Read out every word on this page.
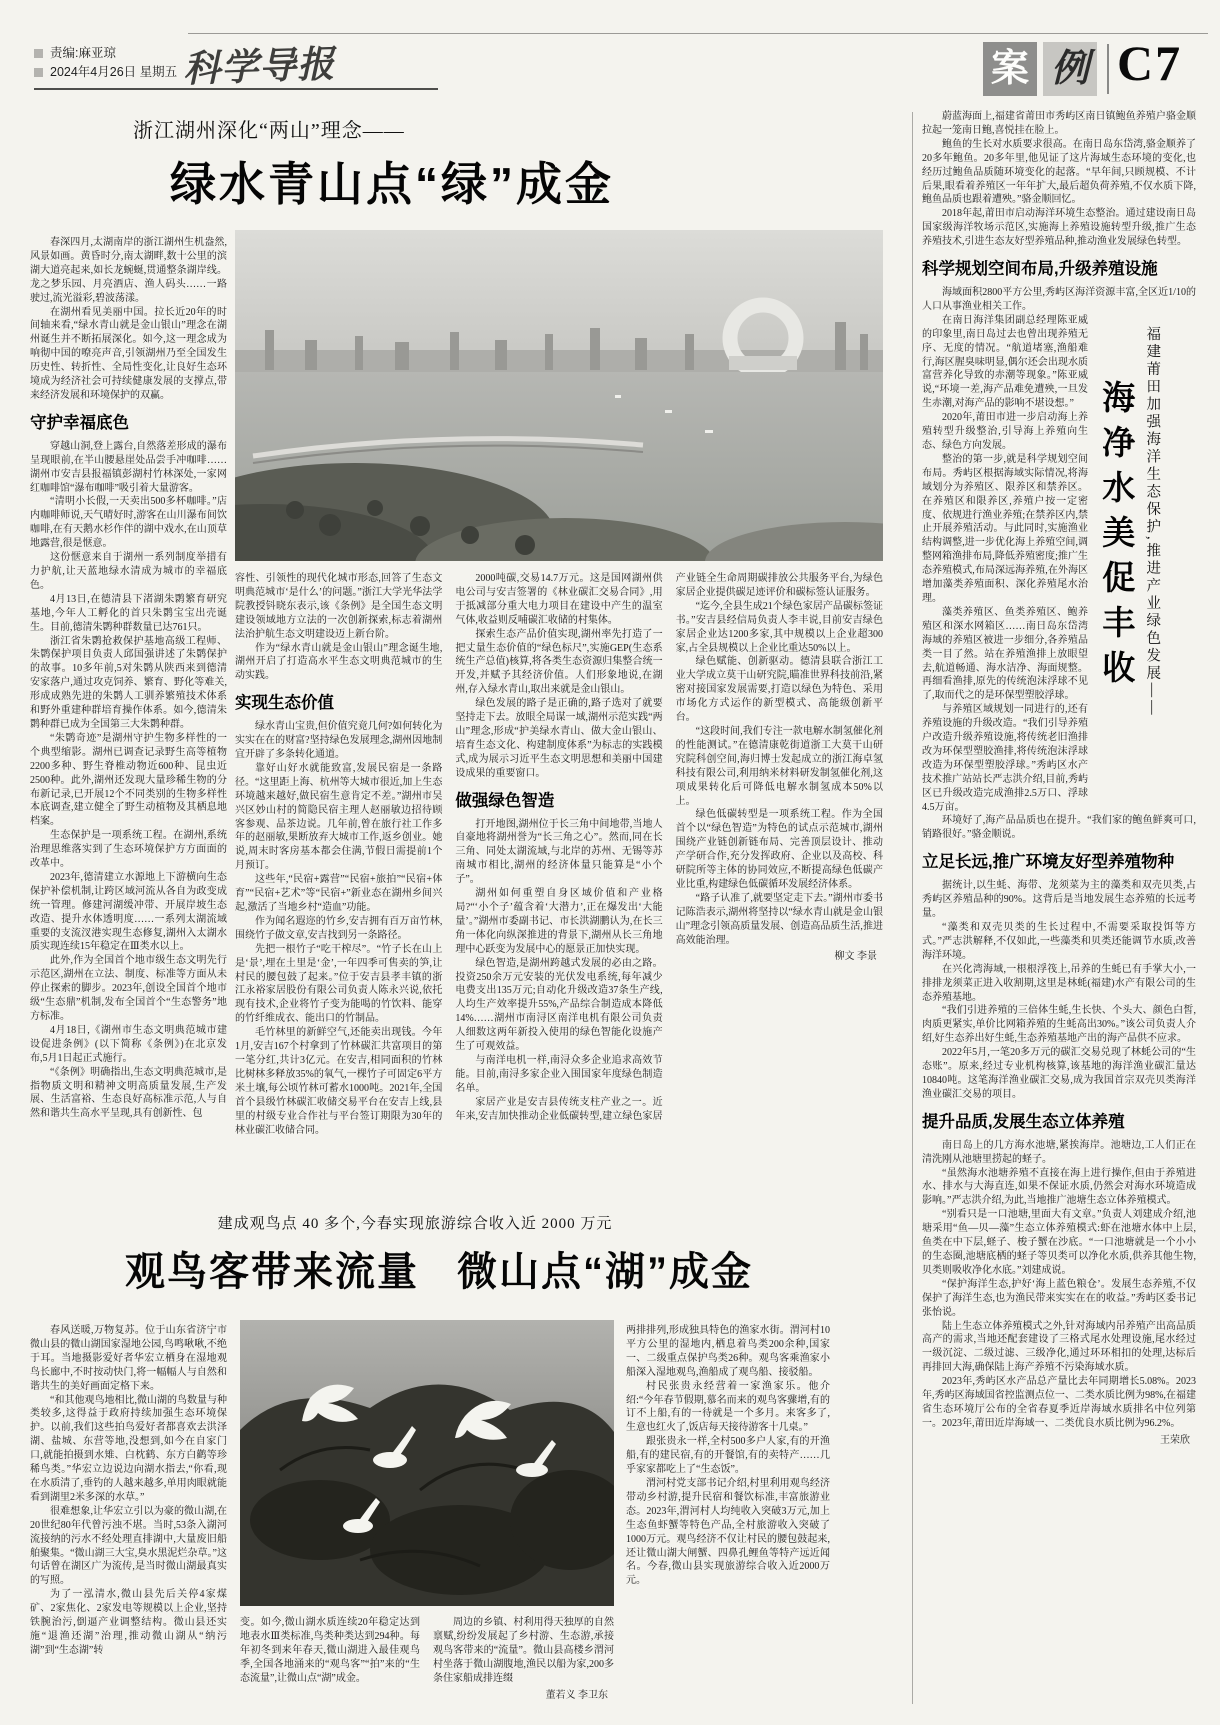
责编:麻亚琼
2024年4月26日 星期五 科学导报	案 例 C7
浙江湖州深化“两山”理念——
绿水青山点“绿”成金

春深四月,太湖南岸的浙江湖州生机盎然,风景如画。黄昏时分,南太湖畔,数十公里的滨湖大道亮起来,如长龙蜿蜒,贯通整条湖岸线。龙之梦乐园、月亮酒店、渔人码头……一路驶过,流光溢彩,碧波荡漾。

在湖州看见美丽中国。拉长近20年的时间轴来看,“绿水青山就是金山银山”理念在湖州诞生并不断拓展深化。如今,这一理念成为响彻中国的嘹亮声音,引领湖州乃至全国发生历史性、转折性、全局性变化,让良好生态环境成为经济社会可持续健康发展的支撑点,带来经济发展和环境保护的双赢。

守护幸福底色

穿越山洞,登上露台,自然落差形成的瀑布呈现眼前,在半山腰悬崖处品尝手冲咖啡……湖州市安吉县报福镇彭湖村竹林深处,一家网红咖啡馆“瀑布咖啡”吸引着大量游客。

“清明小长假,一天卖出500多杯咖啡。”店内咖啡师说,天气晴好时,游客在山川瀑布间饮咖啡,在有天鹅水杉作伴的湖中戏水,在山顶草地露营,很是惬意。

这份惬意来自于湖州一系列制度举措有力护航,让天蓝地绿水清成为城市的幸福底色。

4月13日,在德清县下渚湖朱鹮繁育研究基地,今年人工孵化的首只朱鹮宝宝出壳诞生。目前,德清朱鹮种群数量已达761只。

浙江省朱鹮抢救保护基地高级工程师、朱鹮保护项目负责人邱国强讲述了朱鹮保护的故事。10多年前,5对朱鹮从陕西来到德清安家落户,通过攻克饲养、繁育、野化等难关,形成成熟先进的朱鹮人工驯养繁殖技术体系和野外重建种群培育操作体系。如今,德清朱鹮种群已成为全国第三大朱鹮种群。

“朱鹮奇迹”是湖州守护生物多样性的一个典型缩影。湖州已调查记录野生高等植物2200多种、野生脊椎动物近600种、昆虫近2500种。此外,湖州还发现大量珍稀生物的分布新记录,已开展12个不同类别的生物多样性本底调查,建立健全了野生动植物及其栖息地档案。

生态保护是一项系统工程。在湖州,系统治理思维落实到了生态环境保护方方面面的改革中。

2023年,德清建立水源地上下游横向生态保护补偿机制,让跨区域河流从各自为政变成统一管理。修建河湖缓冲带、开展岸坡生态改造、提升水体透明度……一系列太湖流域重要的支流汊港实现生态修复,湖州入太湖水质实现连续15年稳定在Ⅲ类水以上。

此外,作为全国首个地市级生态文明先行示范区,湖州在立法、制度、标准等方面从未停止探索的脚步。2023年,创设全国首个地市级“生态鼎”机制,发布全国首个“生态警务”地方标准。

4月18日,《湖州市生态文明典范城市建设促进条例》(以下简称《条例》)在北京发布,5月1日起正式施行。

“《条例》明确指出,生态文明典范城市,是指物质文明和精神文明高质量发展,生产发展、生活富裕、生态良好高标准示范,人与自然和谐共生高水平呈现,具有创新性、包

容性、引领性的现代化城市形态,回答了生态文明典范城市‘是什么’的问题。”浙江大学光华法学院教授钭晓东表示,该《条例》是全国生态文明建设领域地方立法的一次创新探索,标志着湖州法治护航生态文明建设迈上新台阶。

作为“绿水青山就是金山银山”理念诞生地,湖州开启了打造高水平生态文明典范城市的生动实践。

实现生态价值

绿水青山宝贵,但价值究竟几何?如何转化为实实在在的财富?坚持绿色发展理念,湖州因地制宜开辟了多条转化通道。

靠好山好水就能致富,发展民宿是一条路径。“这里距上海、杭州等大城市很近,加上生态环境越来越好,做民宿生意肯定不差。”湖州市吴兴区妙山村的简隐民宿主理人赵丽敏边招待顾客参观、品茶边说。几年前,曾在旅行社工作多年的赵丽敏,果断放弃大城市工作,返乡创业。她说,周末时客房基本都会住满,节假日需提前1个月预订。

这些年,“民宿+露营”“民宿+旅拍”“民宿+体育”“民宿+艺术”等“民宿+”新业态在湖州乡间兴起,激活了当地乡村“造血”功能。

作为闻名遐迩的竹乡,安吉拥有百万亩竹林,围绕竹子做文章,安吉找到另一条路径。

先把一根竹子“吃干榨尽”。“竹子长在山上是‘景’,埋在土里是‘金’,一年四季可售卖的笋,让村民的腰包鼓了起来。”位于安吉县孝丰镇的浙江永裕家居股份有限公司负责人陈永兴说,依托现有技术,企业将竹子变为能喝的竹饮料、能穿的竹纤维成衣、能出口的竹制品。

毛竹林里的新鲜空气,还能卖出现钱。今年1月,安吉167个村拿到了竹林碳汇共富项目的第一笔分红,共计3亿元。在安吉,相同面积的竹林比树林多释放35%的氧气,一棵竹子可固定6平方米土壤,每公顷竹林可蓄水1000吨。2021年,全国首个县级竹林碳汇收储交易平台在安吉上线,县里的村级专业合作社与平台签订期限为30年的林业碳汇收储合同。

2000吨碳,交易14.7万元。这是国网湖州供电公司与安吉签署的《林业碳汇交易合同》,用于抵减部分重大电力项目在建设中产生的温室气体,收益则反哺碳汇收储的村集体。

探索生态产品价值实现,湖州率先打造了一把丈量生态价值的“绿色标尺”,实施GEP(生态系统生产总值)核算,将各类生态资源归集整合统一开发,并赋予其经济价值。人们形象地说,在湖州,存入绿水青山,取出来就是金山银山。

绿色发展的路子是正确的,路子选对了就要坚持走下去。放眼全局谋一域,湖州示范实践“两山”理念,形成“护美绿水青山、做大金山银山、培育生态文化、构建制度体系”为标志的实践模式,成为展示习近平生态文明思想和美丽中国建设成果的重要窗口。

做强绿色智造

打开地图,湖州位于长三角中间地带,当地人自豪地将湖州誉为“长三角之心”。然而,同在长三角、同处太湖流域,与北岸的苏州、无锡等苏南城市相比,湖州的经济体量只能算是“小个子”。

湖州如何重塑自身区域价值和产业格局?“‘小个子’蕴含着‘大潜力’,正在爆发出‘大能量’。”湖州市委副书记、市长洪湖鹏认为,在长三角一体化向纵深推进的背景下,湖州从长三角地理中心跃变为发展中心的愿景正加快实现。

绿色智造,是湖州跨越式发展的必由之路。投资250余万元安装的光伏发电系统,每年减少电费支出135万元;自动化升级改造37条生产线,人均生产效率提升55%,产品综合制造成本降低14%……湖州市南浔区南洋电机有限公司负责人细数这两年新投入使用的绿色智能化设施产生了可观效益。

与南洋电机一样,南浔众多企业追求高效节能。目前,南浔多家企业入围国家年度绿色制造名单。

家居产业是安吉县传统支柱产业之一。近年来,安吉加快推动企业低碳转型,建立绿色家居产业链全生命周期碳排放公共服务平台,为绿色家居企业提供碳足迹评价和碳标签认证服务。

“迄今,全县生成21个绿色家居产品碳标签证书。”安吉县经信局负责人李丰说,目前安吉绿色家居企业达1200多家,其中规模以上企业超300家,占全县规模以上企业比重达50%以上。

绿色赋能、创新驱动。德清县联合浙江工业大学成立莫干山研究院,瞄准世界科技前沿,紧密对接国家发展需要,打造以绿色为特色、采用市场化方式运作的新型模式、高能级创新平台。

“这段时间,我们专注一款电解水制氢催化剂的性能测试。”在德清康乾街道浙工大莫干山研究院科创空间,海归博士发起成立的浙江海卓氢科技有限公司,利用纳米材料研发制氢催化剂,这项成果转化后可降低电解水制氢成本50%以上。

绿色低碳转型是一项系统工程。作为全国首个以“绿色智造”为特色的试点示范城市,湖州围绕产业链创新链布局、完善顶层设计、推动产学研合作,充分发挥政府、企业以及高校、科研院所等主体的协同效应,不断提高绿色低碳产业比重,构建绿色低碳循环发展经济体系。

“路子认准了,就要坚定走下去。”湖州市委书记陈浩表示,湖州将坚持以“绿水青山就是金山银山”理念引领高质量发展、创造高品质生活,推进高效能治理。

柳文 李景

蔚蓝海面上,福建省莆田市秀屿区南日镇鲍鱼养殖户骆金顺拉起一笼南日鲍,喜悦挂在脸上。

鲍鱼的生长对水质要求很高。在南日岛东岱湾,骆金顺养了20多年鲍鱼。20多年里,他见证了这片海域生态环境的变化,也经历过鲍鱼品质随环境变化的起落。“早年间,只顾规模、不计后果,眼看着养殖区一年年扩大,最后超负荷养殖,不仅水质下降,鲍鱼品质也跟着遭殃。”骆金顺回忆。

2018年起,莆田市启动海洋环境生态整治。通过建设南日岛国家级海洋牧场示范区,实施海上养殖设施转型升级,推广生态养殖技术,引进生态友好型养殖品种,推动渔业发展绿色转型。

科学规划空间布局,升级养殖设施

海域面积2800平方公里,秀屿区海洋资源丰富,全区近1/10的人口从事渔业相关工作。

福建莆田加强海洋生态保护,推进产业绿色发展——
海净水美促丰收

在南日海洋集团副总经理陈亚威的印象里,南日岛过去也曾出现养殖无序、无度的情况。“航道堵塞,渔船难行,海区腥臭味明显,偶尔还会出现水质富营养化导致的赤潮等现象。”陈亚威说,“环境一差,海产品难免遭殃,一旦发生赤潮,对海产品的影响不堪设想。”

2020年,莆田市进一步启动海上养殖转型升级整治,引导海上养殖向生态、绿色方向发展。

整治的第一步,就是科学规划空间布局。秀屿区根据海域实际情况,将海域划分为养殖区、限养区和禁养区。在养殖区和限养区,养殖户按一定密度、依规进行渔业养殖;在禁养区内,禁止开展养殖活动。与此同时,实施渔业结构调整,进一步优化海上养殖空间,调整网箱渔排布局,降低养殖密度;推广生态养殖模式,布局深远海养殖,在外海区增加藻类养殖面积、深化养殖尾水治理。

藻类养殖区、鱼类养殖区、鲍养殖区和深水网箱区……南日岛东岱湾海域的养殖区被进一步细分,各养殖品类一目了然。站在养殖渔排上放眼望去,航道畅通、海水洁净、海面规整。再细看渔排,原先的传统泡沫浮球不见了,取而代之的是环保型塑胶浮球。

与养殖区域规划一同进行的,还有养殖设施的升级改造。“我们引导养殖户改造升级养殖设施,将传统老旧渔排改为环保型塑胶渔排,将传统泡沫浮球改造为环保型塑胶浮球。”秀屿区水产技术推广站站长严志洪介绍,目前,秀屿区已升级改造完成渔排2.5万口、浮球4.5万亩。

环境好了,海产品品质也在提升。“我们家的鲍鱼鲜爽可口,销路很好。”骆金顺说。

立足长远,推广环境友好型养殖物种

据统计,以生蚝、海带、龙须菜为主的藻类和双壳贝类,占秀屿区养殖品种的90%。这背后是当地发展生态养殖的长远考量。

“藻类和双壳贝类的生长过程中,不需要采取投饵等方式。”严志洪解释,不仅如此,一些藻类和贝类还能调节水质,改善海洋环境。

在兴化湾海域,一根根浮筏上,吊养的生蚝已有手掌大小,一排排龙须菜正进入收割期,这里是林蚝(福建)水产有限公司的生态养殖基地。

“我们引进养殖的三倍体生蚝,生长快、个头大、颜色白皙,肉质更紧实,单价比网箱养殖的生蚝高出30%。”该公司负责人介绍,好生态养出好生蚝,生态养殖基地产出的海产品供不应求。

2022年5月,一笔20多万元的碳汇交易兑现了林蚝公司的“生态账”。原来,经过专业机构核算,该基地的海洋渔业碳汇量达10840吨。这笔海洋渔业碳汇交易,成为我国首宗双壳贝类海洋渔业碳汇交易的项目。

提升品质,发展生态立体养殖

南日岛上的几方海水池塘,紧挨海岸。池塘边,工人们正在清洗刚从池塘里捞起的蛏子。

“虽然海水池塘养殖不直接在海上进行操作,但由于养殖进水、排水与大海直连,如果不保证水质,仍然会对海水环境造成影响。”严志洪介绍,为此,当地推广池塘生态立体养殖模式。

“别看只是一口池塘,里面大有文章。”负责人刘建成介绍,池塘采用“鱼—贝—藻”生态立体养殖模式:虾在池塘水体中上层,鱼类在中下层,蛏子、梭子蟹在沙底。“一口池塘就是一个小小的生态圈,池塘底栖的蛏子等贝类可以净化水质,供养其他生物,贝类则吸收净化水底。”刘建成说。

“保护海洋生态,护好‘海上蓝色粮仓’。发展生态养殖,不仅保护了海洋生态,也为渔民带来实实在在的收益。”秀屿区委书记张怡说。

陆上生态立体养殖模式之外,针对海域内吊养殖产出高品质高产的需求,当地还配套建设了三格式尾水处理设施,尾水经过一级沉淀、二级过滤、三级净化,通过环环相扣的处理,达标后再排回大海,确保陆上海产养殖不污染海域水质。

2023年,秀屿区水产品总产量比去年同期增长5.08%。2023年,秀屿区海域国省控监测点位一、二类水质比例为98%,在福建省生态环境厅公布的全省春夏季近岸海域水质排名中位列第一。2023年,莆田近岸海域一、二类优良水质比例为96.2%。

王荣欣

建成观鸟点 40 多个,今春实现旅游综合收入近 2000 万元
观鸟客带来流量 微山点“湖”成金

春风送暖,万物复苏。位于山东省济宁市微山县的微山湖国家湿地公园,鸟鸣啾啾,不绝于耳。当地摄影爱好者华宏立栖身在湿地观鸟长廊中,不时按动快门,将一幅幅人与自然和谐共生的美好画面定格下来。

“和其他观鸟地相比,微山湖的鸟数量与种类较多,这得益于政府持续加强生态环境保护。以前,我们这些拍鸟爱好者都喜欢去洪泽湖、盐城、东营等地,没想到,如今在自家门口,就能拍摄到水雉、白枕鹤、东方白鹳等珍稀鸟类。”华宏立边说边向湖水指去,“你看,现在水质清了,垂钓的人越来越多,单用肉眼就能看到湖里2米多深的水草。”

很难想象,让华宏立引以为豪的微山湖,在20世纪80年代曾污浊不堪。当时,53条入湖河流接纳的污水不经处理直排湖中,大量废旧船舶聚集。“微山湖三大宝,臭水黑泥烂杂草。”这句话曾在湖区广为流传,是当时微山湖最真实的写照。

为了一泓清水,微山县先后关停4家煤矿、2家焦化、2家发电等规模以上企业,坚持铁腕治污,倒逼产业调整结构。微山县还实施“退渔还湖”治理,推动微山湖从“纳污湖”到“生态湖”转

变。如今,微山湖水质连续20年稳定达到地表水Ⅲ类标准,鸟类种类达到294种。每年初冬到来年春天,微山湖进入最佳观鸟季,全国各地涌来的“观鸟客”“拍”来的“生态流量”,让微山点“湖”成金。

周边的乡镇、村利用得天独厚的自然禀赋,纷纷发展起了乡村游、生态游,承接观鸟客带来的“流量”。微山县高楼乡渭河村坐落于微山湖腹地,渔民以船为家,200多条住家船成排连缀

董若义 李卫东

两排排列,形成独具特色的渔家水街。渭河村10平方公里的湿地内,栖息着鸟类200余种,国家一、二级重点保护鸟类26种。观鸟客乘渔家小船深入湿地观鸟,渔船成了观鸟船、接驳船。

村民张贵永经营着一家渔家乐。他介绍:“今年春节假期,慕名而来的观鸟客骤增,有的订不上船,有的一待就是一个多月。来客多了,生意也红火了,饭店每天接待游客十几桌。”

跟张贵永一样,全村500多户人家,有的开渔船,有的建民宿,有的开餐馆,有的卖特产……几乎家家都吃上了“生态饭”。

渭河村党支部书记介绍,村里利用观鸟经济带动乡村游,提升民宿和餐饮标准,丰富旅游业态。2023年,渭河村人均纯收入突破3万元,加上生态鱼虾蟹等特色产品,全村旅游收入突破了1000万元。观鸟经济不仅让村民的腰包鼓起来,还让微山湖大闸蟹、四鼻孔鲤鱼等特产远近闻名。今春,微山县实现旅游综合收入近2000万元。
